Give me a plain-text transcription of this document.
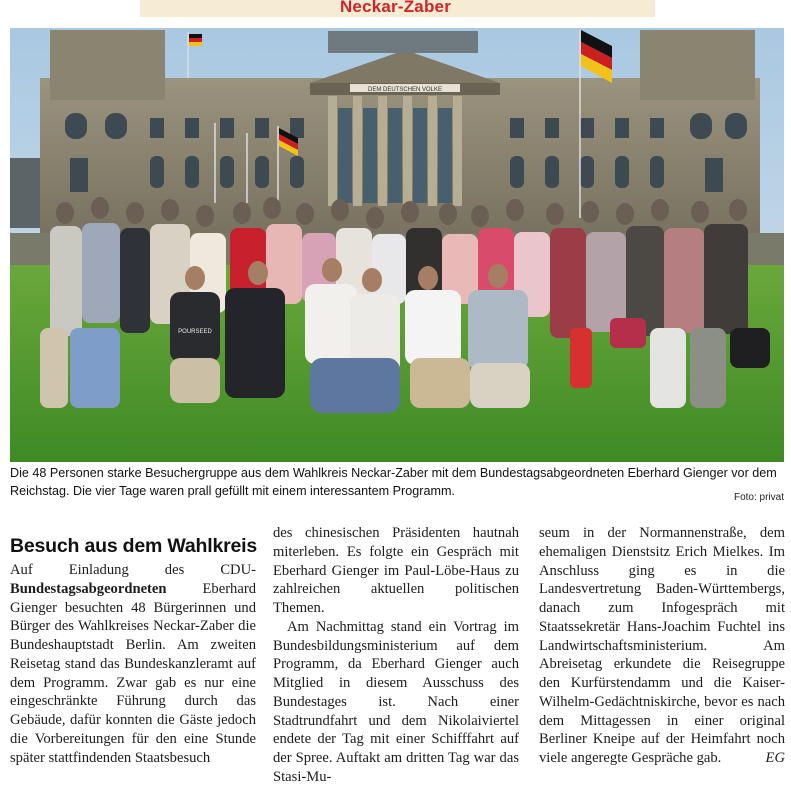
Neckar-Zaber
DEM DEUTSCHEN VOLKE
POURSEED

Die 48 Personen starke Besuchergruppe aus dem Wahlkreis Neckar-Zaber mit dem Bundestagsabgeordneten Eberhard Gienger vor dem Reichstag. Die vier Tage waren prall gefüllt mit einem interessantem Programm.	Foto: privat
Besuch aus dem Wahlkreis

Auf Einladung des CDU-Bundestagsabgeordneten Eberhard Gienger besuchten 48 Bürgerinnen und Bürger des Wahlkreises Neckar-Zaber die Bundeshauptstadt Berlin. Am zweiten Reisetag stand das Bundeskanzleramt auf dem Programm. Zwar gab es nur eine eingeschränkte Führung durch das Gebäude, dafür konnten die Gäste jedoch die Vorbereitungen für den eine Stunde später stattfindenden Staatsbesuch

des chinesischen Präsidenten hautnah miterleben. Es folgte ein Gespräch mit Eberhard Gienger im Paul-Löbe-Haus zu zahlreichen aktuellen politischen Themen.

Am Nachmittag stand ein Vortrag im Bundesbildungsministerium auf dem Programm, da Eberhard Gienger auch Mitglied in diesem Ausschuss des Bundestages ist. Nach einer Stadtrundfahrt und dem Nikolaiviertel endete der Tag mit einer Schifffahrt auf der Spree. Auftakt am dritten Tag war das Stasi-Mu-

seum in der Normannenstraße, dem ehemaligen Dienstsitz Erich Mielkes. Im Anschluss ging es in die Landesvertretung Baden-Württembergs, danach zum Infogespräch mit Staatssekretär Hans-Joachim Fuchtel ins Landwirtschaftsministerium. Am Abreisetag erkundete die Reisegruppe den Kurfürstendamm und die Kaiser-Wilhelm-Gedächtniskirche, bevor es nach dem Mittagessen in einer original Berliner Kneipe auf der Heimfahrt noch viele angeregte Gespräche gab.	EG
